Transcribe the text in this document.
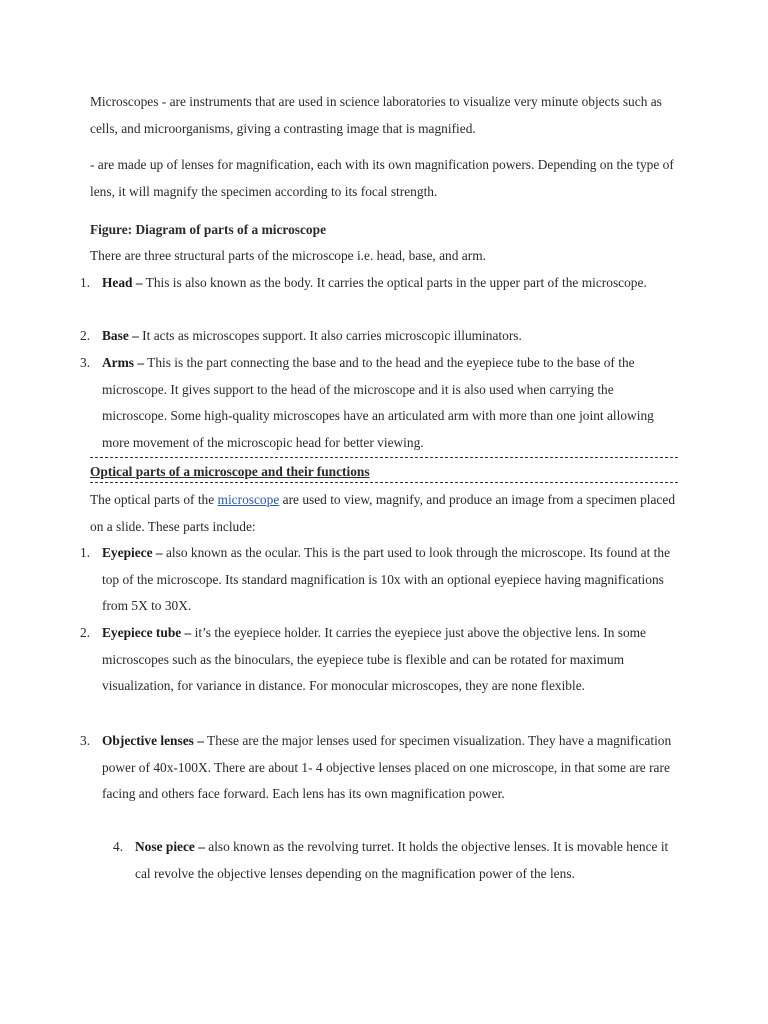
Microscopes - are instruments that are used in science laboratories to visualize very minute objects such as cells, and microorganisms, giving a contrasting image that is magnified.

- are made up of lenses for magnification, each with its own magnification powers. Depending on the type of lens, it will magnify the specimen according to its focal strength.

Figure: Diagram of parts of a microscope

There are three structural parts of the microscope i.e. head, base, and arm.

1. Head – This is also known as the body. It carries the optical parts in the upper part of the microscope.

2. Base – It acts as microscopes support. It also carries microscopic illuminators.

3. Arms – This is the part connecting the base and to the head and the eyepiece tube to the base of the microscope. It gives support to the head of the microscope and it is also used when carrying the microscope. Some high-quality microscopes have an articulated arm with more than one joint allowing more movement of the microscopic head for better viewing.

Optical parts of a microscope and their functions

The optical parts of the microscope are used to view, magnify, and produce an image from a specimen placed on a slide. These parts include:

1. Eyepiece – also known as the ocular. This is the part used to look through the microscope. Its found at the top of the microscope. Its standard magnification is 10x with an optional eyepiece having magnifications from 5X to 30X.

2. Eyepiece tube – it’s the eyepiece holder. It carries the eyepiece just above the objective lens. In some microscopes such as the binoculars, the eyepiece tube is flexible and can be rotated for maximum visualization, for variance in distance. For monocular microscopes, they are none flexible.

3. Objective lenses – These are the major lenses used for specimen visualization. They have a magnification power of 40x-100X. There are about 1- 4 objective lenses placed on one microscope, in that some are rare facing and others face forward. Each lens has its own magnification power.

4. Nose piece – also known as the revolving turret. It holds the objective lenses. It is movable hence it cal revolve the objective lenses depending on the magnification power of the lens.
